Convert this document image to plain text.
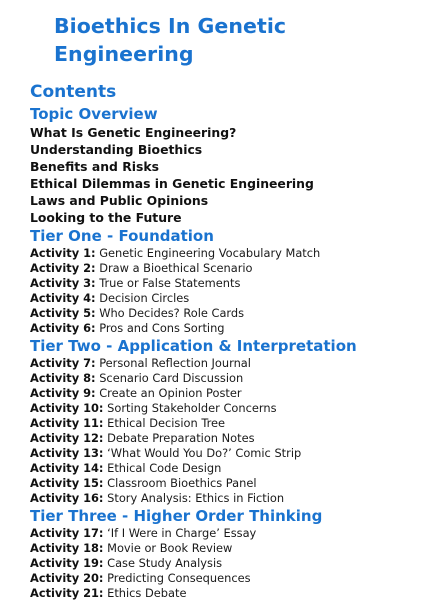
Bioethics In Genetic Engineering
Contents
Topic Overview
What Is Genetic Engineering?
Understanding Bioethics
Benefits and Risks
Ethical Dilemmas in Genetic Engineering
Laws and Public Opinions
Looking to the Future
Tier One - Foundation
Activity 1: Genetic Engineering Vocabulary Match
Activity 2: Draw a Bioethical Scenario
Activity 3: True or False Statements
Activity 4: Decision Circles
Activity 5: Who Decides? Role Cards
Activity 6: Pros and Cons Sorting
Tier Two - Application & Interpretation
Activity 7: Personal Reflection Journal
Activity 8: Scenario Card Discussion
Activity 9: Create an Opinion Poster
Activity 10: Sorting Stakeholder Concerns
Activity 11: Ethical Decision Tree
Activity 12: Debate Preparation Notes
Activity 13: ‘What Would You Do?’ Comic Strip
Activity 14: Ethical Code Design
Activity 15: Classroom Bioethics Panel
Activity 16: Story Analysis: Ethics in Fiction
Tier Three - Higher Order Thinking
Activity 17: ‘If I Were in Charge’ Essay
Activity 18: Movie or Book Review
Activity 19: Case Study Analysis
Activity 20: Predicting Consequences
Activity 21: Ethics Debate
